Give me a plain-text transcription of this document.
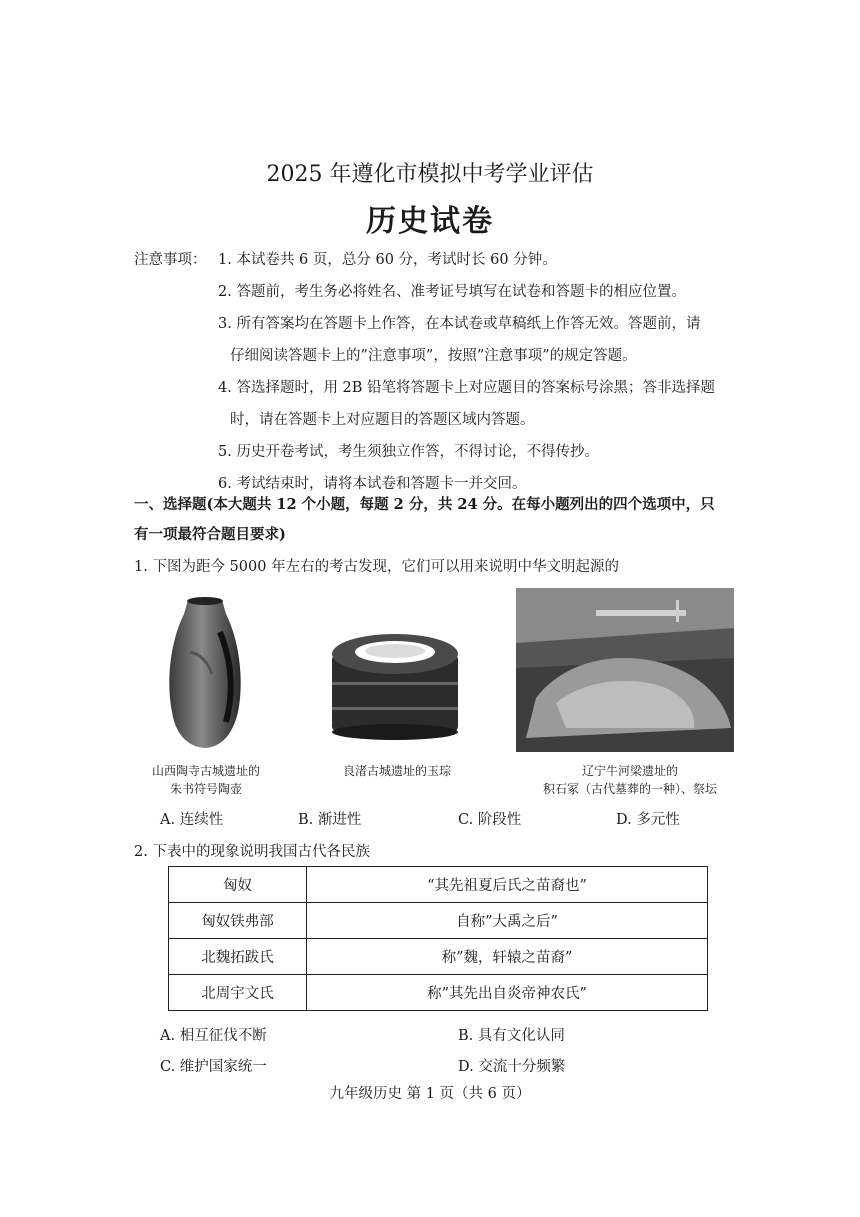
2025 年遵化市模拟中考学业评估
历史试卷
注意事项： 1. 本试卷共 6 页，总分 60 分，考试时长 60 分钟。
2. 答题前，考生务必将姓名、准考证号填写在试卷和答题卡的相应位置。
3. 所有答案均在答题卡上作答，在本试卷或草稿纸上作答无效。答题前，请
仔细阅读答题卡上的”注意事项”，按照”注意事项”的规定答题。
4. 答选择题时，用 2B 铅笔将答题卡上对应题目的答案标号涂黑；答非选择题
时，请在答题卡上对应题目的答题区域内答题。
5. 历史开卷考试，考生须独立作答，不得讨论，不得传抄。
6. 考试结束时，请将本试卷和答题卡一并交回。
一、选择题(本大题共 12 个小题，每题 2 分，共 24 分。在每小题列出的四个选项中，只
有一项最符合题目要求)
1. 下图为距今 5000 年左右的考古发现，它们可以用来说明中华文明起源的
山西陶寺古城遗址的
朱书符号陶壶
良渚古城遗址的玉琮	辽宁牛河梁遗址的
积石冢（古代墓葬的一种）、祭坛
A. 连续性	B. 渐进性	C. 阶段性	D. 多元性
2. 下表中的现象说明我国古代各民族
匈奴	“其先祖夏后氏之苗裔也”
匈奴铁弗部	自称”大禹之后”
北魏拓跋氏	称”魏，轩辕之苗裔”
北周宇文氏	称”其先出自炎帝神农氏”
A. 相互征伐不断	B. 具有文化认同
C. 维护国家统一	D. 交流十分频繁
九年级历史 第 1 页（共 6 页）
